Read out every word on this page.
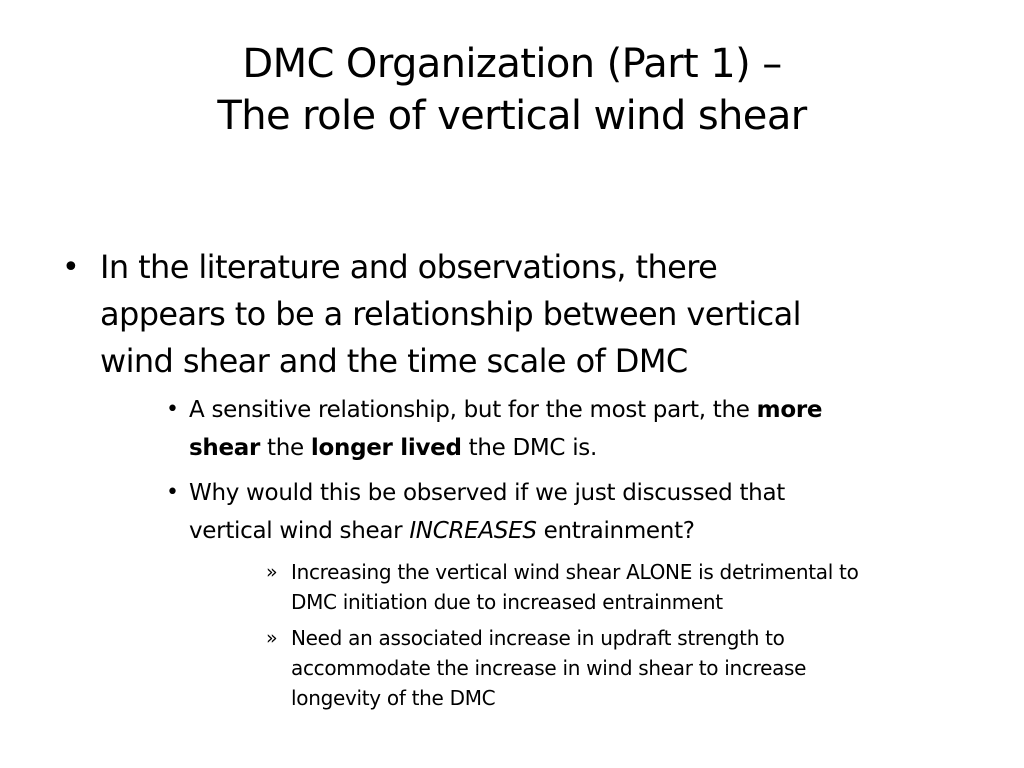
DMC Organization (Part 1) –
The role of vertical wind shear
• In the literature and observations, there
appears to be a relationship between vertical
wind shear and the time scale of DMC
• A sensitive relationship, but for the most part, the more
shear the longer lived the DMC is.
• Why would this be observed if we just discussed that
vertical wind shear INCREASES entrainment?
» Increasing the vertical wind shear ALONE is detrimental to
DMC initiation due to increased entrainment
» Need an associated increase in updraft strength to
accommodate the increase in wind shear to increase
longevity of the DMC
